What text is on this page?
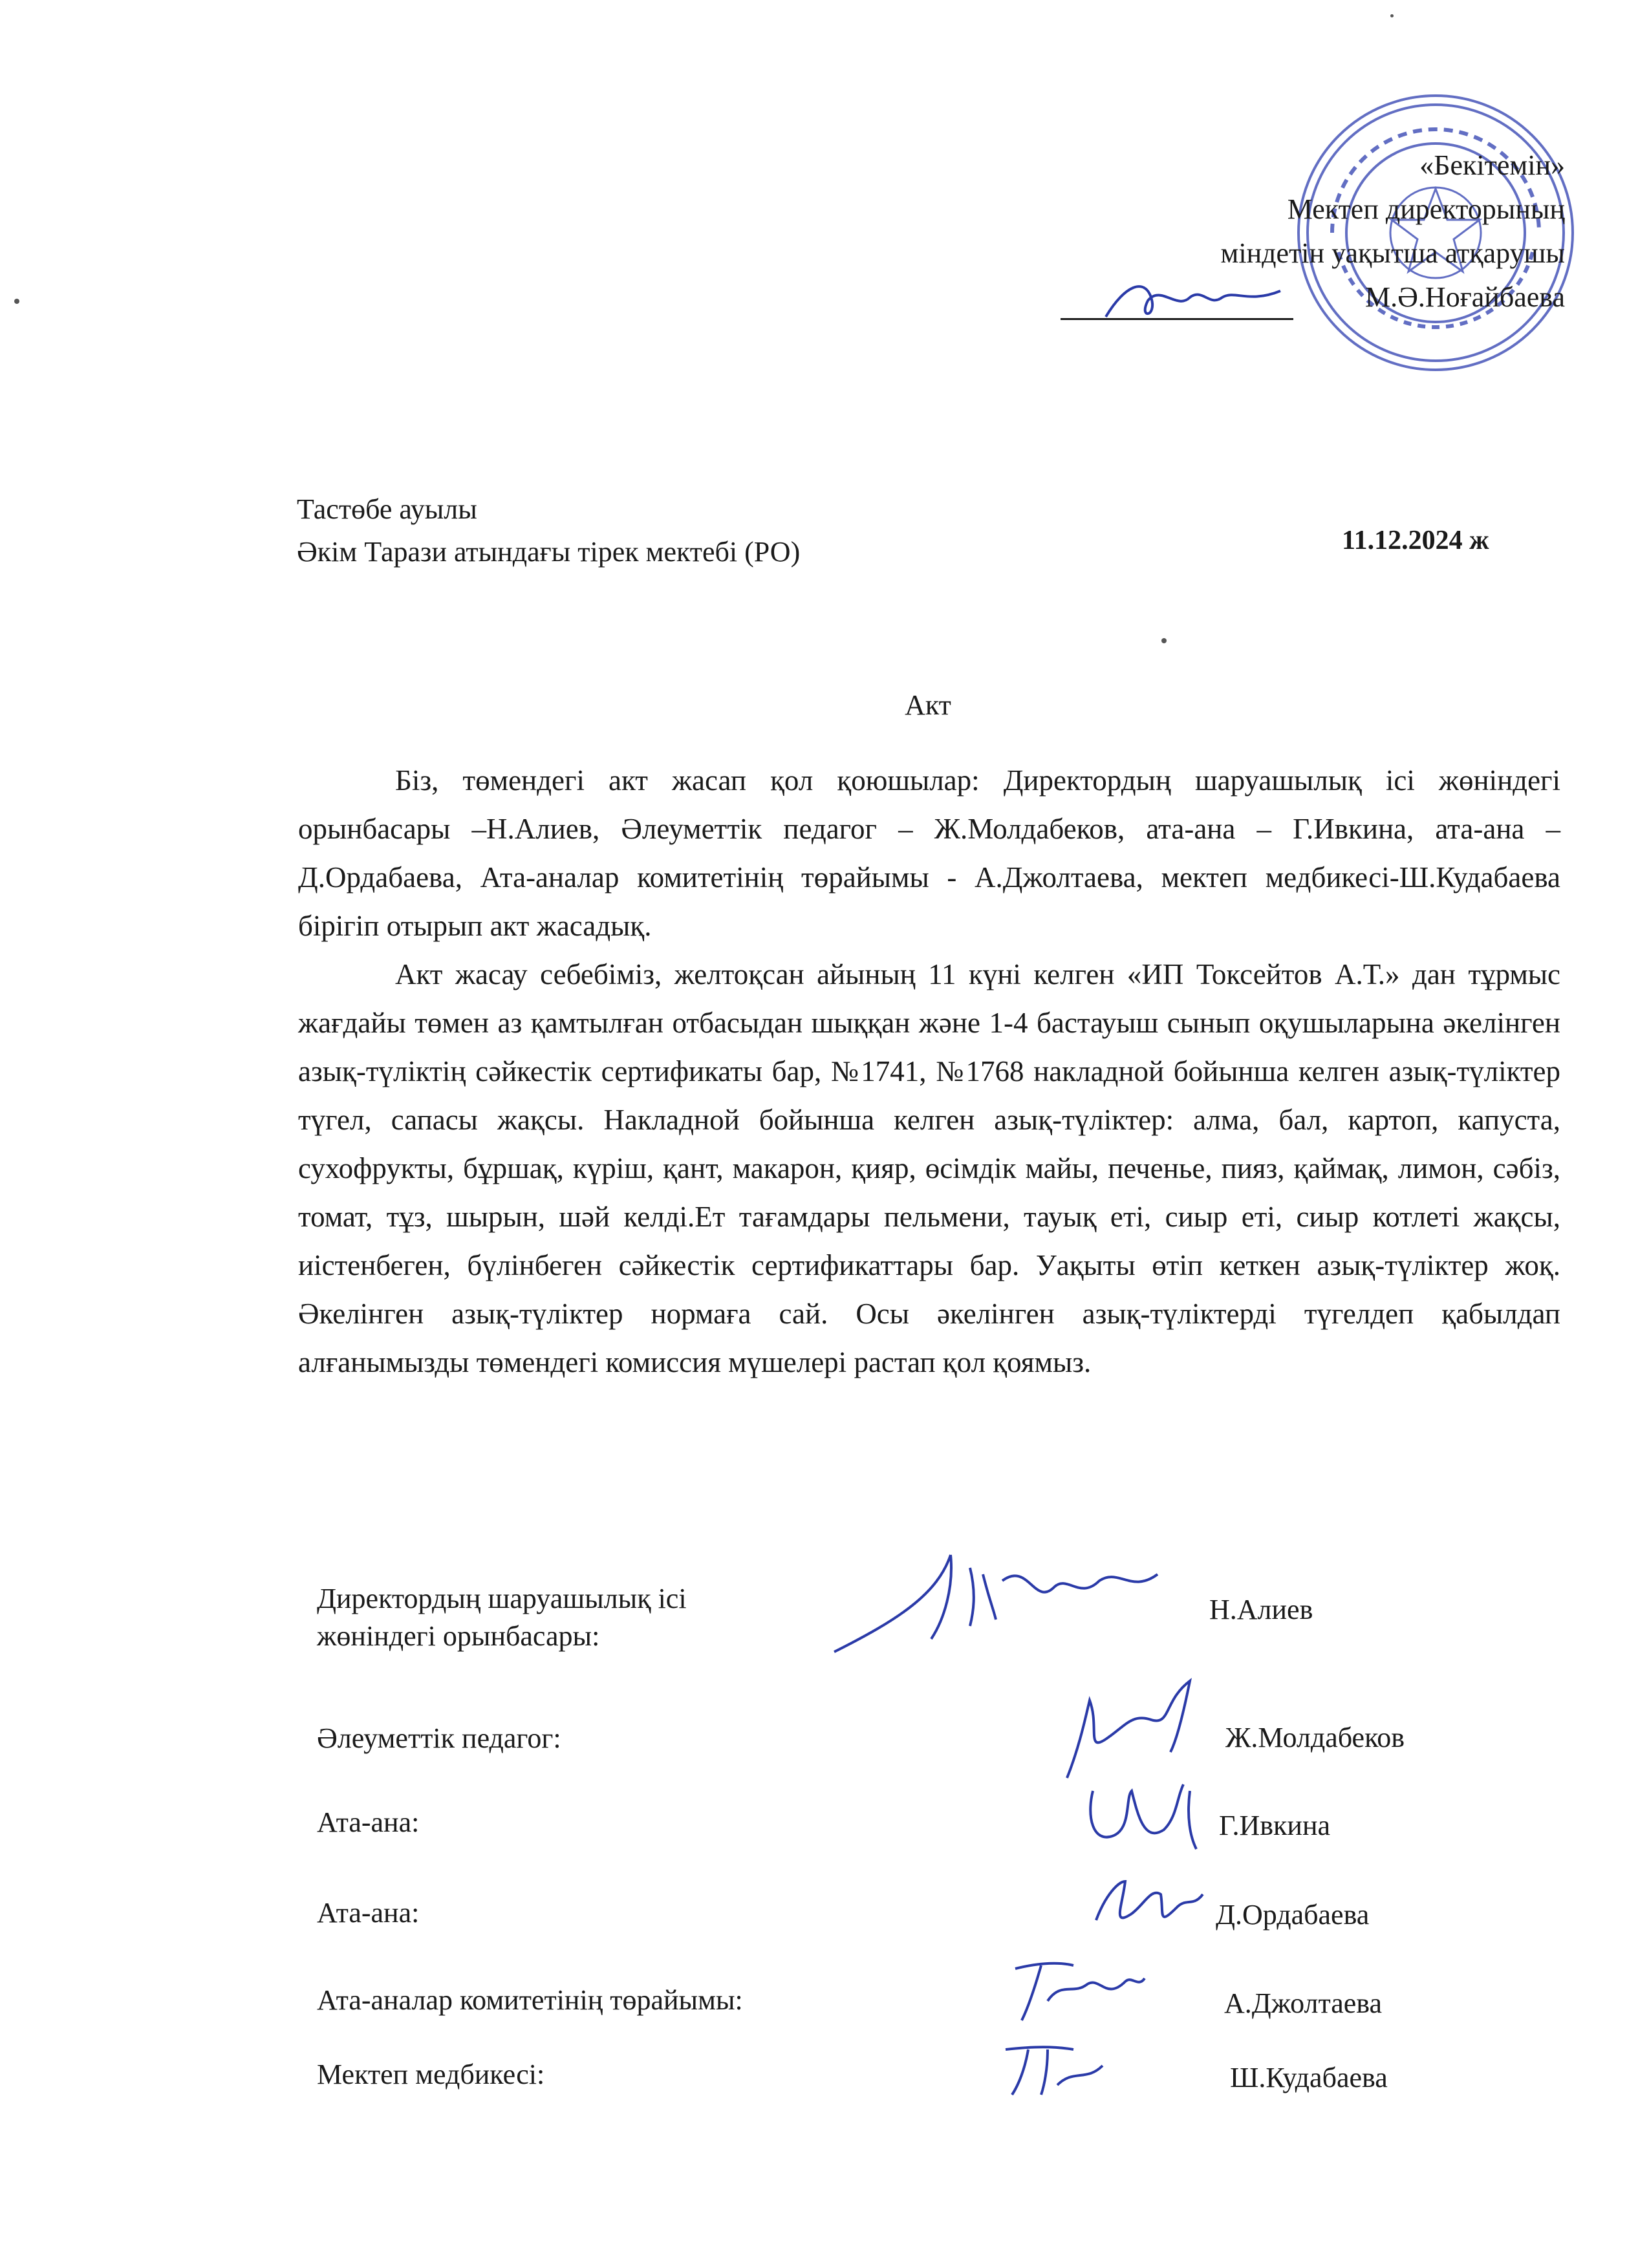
«Бекітемін»
Мектеп директорының
міндетін уақытша атқарушы
М.Ә.Ноғайбаева
Тастөбе ауылы
Әкім Тарази атындағы тірек мектебі (РО)	11.12.2024 ж
Акт

Біз, төмендегі акт жасап қол қоюшылар: Директордың шаруашылық ісі жөніндегі орынбасары –Н.Алиев, Әлеуметтік педагог – Ж.Молдабеков, ата-ана – Г.Ивкина, ата-ана – Д.Ордабаева, Ата-аналар комитетінің төрайымы - А.Джолтаева, мектеп медбикесі-Ш.Кудабаева бірігіп отырып акт жасадық.

Акт жасау себебіміз, желтоқсан айының 11 күні келген «ИП Токсейтов А.Т.» дан тұрмыс жағдайы төмен аз қамтылған отбасыдан шыққан және 1-4 бастауыш сынып оқушыларына әкелінген азық-түліктің сәйкестік сертификаты бар, №1741, №1768 накладной бойынша келген азық-түліктер түгел, сапасы жақсы. Накладной бойынша келген азық-түліктер: алма, бал, картоп, капуста, сухофрукты, бұршақ, күріш, қант, макарон, қияр, өсімдік майы, печенье, пияз, қаймақ, лимон, сәбіз, томат, тұз, шырын, шәй келді.Ет тағамдары пельмени, тауық еті, сиыр еті, сиыр котлеті жақсы, иістенбеген, бүлінбеген сәйкестік сертификаттары бар. Уақыты өтіп кеткен азық-түліктер жоқ. Әкелінген азық-түліктер нормаға сай. Осы әкелінген азық-түліктерді түгелдеп қабылдап алғанымызды төмендегі комиссия мүшелері растап қол қоямыз.

Директордың шаруашылық ісі
жөніндегі орынбасары:
Н.Алиев
Әлеуметтік педагог:	Ж.Молдабеков
Ата-ана:	Г.Ивкина
Ата-ана:	Д.Ордабаева
Ата-аналар комитетінің төрайымы:	А.Джолтаева
Мектеп медбикесі:	Ш.Кудабаева
